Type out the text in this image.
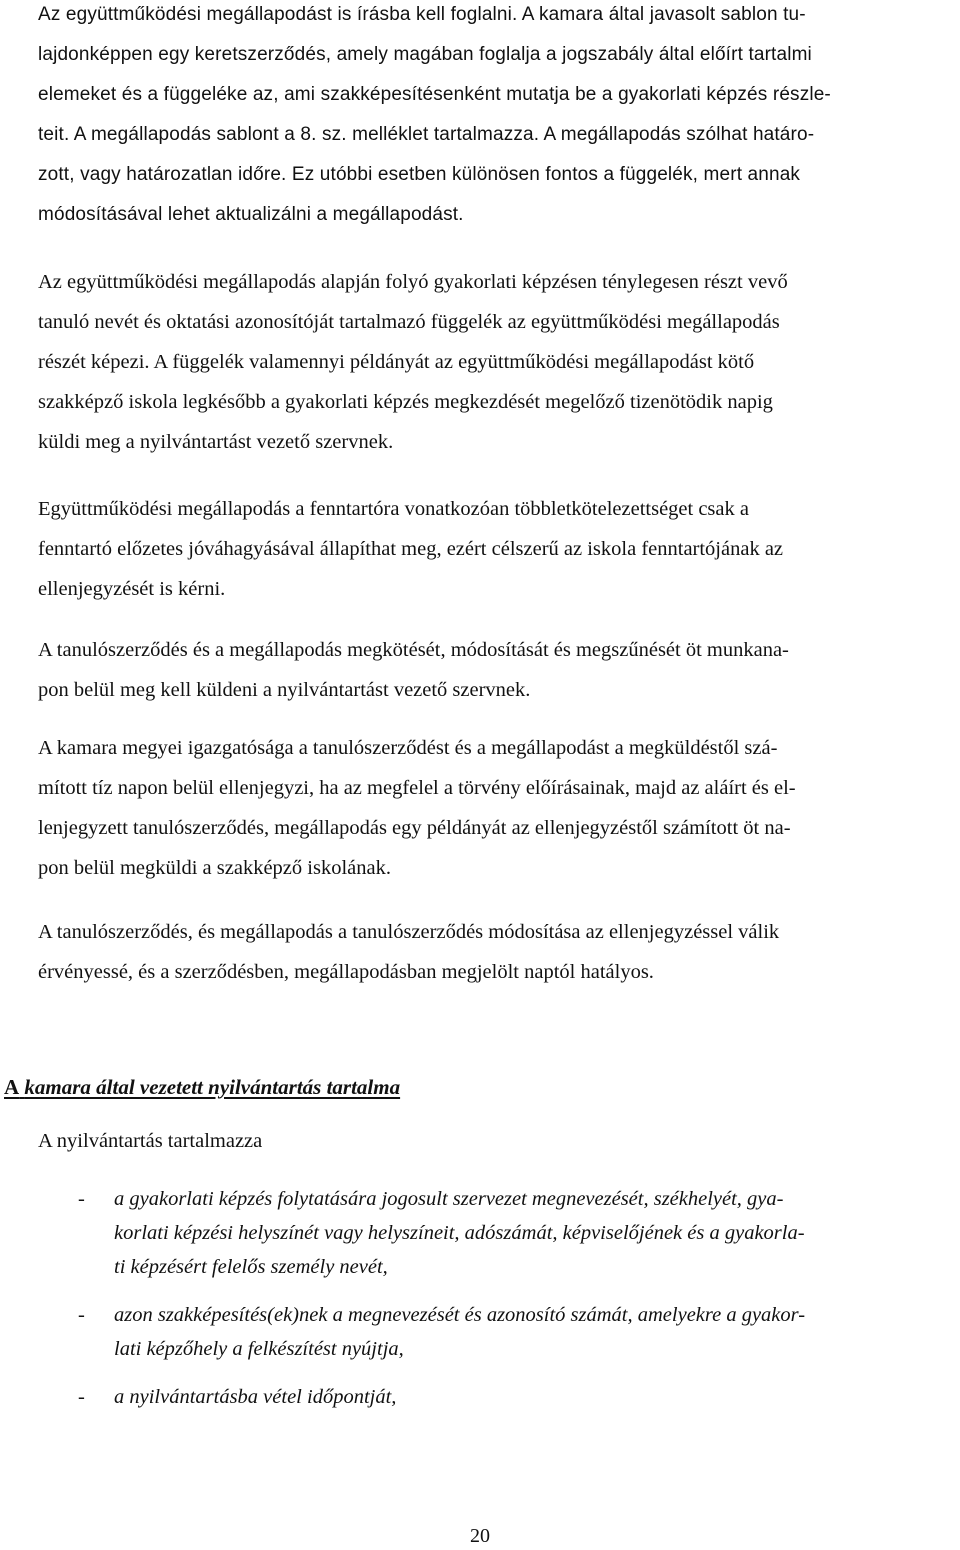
Az együttműködési megállapodást is írásba kell foglalni. A kamara által javasolt sablon tu-
lajdonképpen egy keretszerződés, amely magában foglalja a jogszabály által előírt tartalmi
elemeket és a függeléke az, ami szakképesítésenként mutatja be a gyakorlati képzés részle-
teit. A megállapodás sablont a 8. sz. melléklet tartalmazza. A megállapodás szólhat határo-
zott, vagy határozatlan időre. Ez utóbbi esetben különösen fontos a függelék, mert annak
módosításával lehet aktualizálni a megállapodást.

Az együttműködési megállapodás alapján folyó gyakorlati képzésen ténylegesen részt vevő
tanuló nevét és oktatási azonosítóját tartalmazó függelék az együttműködési megállapodás
részét képezi. A függelék valamennyi példányát az együttműködési megállapodást kötő
szakképző iskola legkésőbb a gyakorlati képzés megkezdését megelőző tizenötödik napig
küldi meg a nyilvántartást vezető szervnek.

Együttműködési megállapodás a fenntartóra vonatkozóan többletkötelezettséget csak a
fenntartó előzetes jóváhagyásával állapíthat meg, ezért célszerű az iskola fenntartójának az
ellenjegyzését is kérni.

A tanulószerződés és a megállapodás megkötését, módosítását és megszűnését öt munkana-
pon belül meg kell küldeni a nyilvántartást vezető szervnek.

A kamara megyei igazgatósága a tanulószerződést és a megállapodást a megküldéstől szá-
mított tíz napon belül ellenjegyzi, ha az megfelel a törvény előírásainak, majd az aláírt és el-
lenjegyzett tanulószerződés, megállapodás egy példányát az ellenjegyzéstől számított öt na-
pon belül megküldi a szakképző iskolának.

A tanulószerződés, és megállapodás a tanulószerződés módosítása az ellenjegyzéssel válik
érvényessé, és a szerződésben, megállapodásban megjelölt naptól hatályos.

A kamara által vezetett nyilvántartás tartalma

A nyilvántartás tartalmazza

- a gyakorlati képzés folytatására jogosult szervezet megnevezését, székhelyét, gya-
korlati képzési helyszínét vagy helyszíneit, adószámát, képviselőjének és a gyakorla-
ti képzésért felelős személy nevét,
- azon szakképesítés(ek)nek a megnevezését és azonosító számát, amelyekre a gyakor-
lati képzőhely a felkészítést nyújtja,
- a nyilvántartásba vétel időpontját,

20
